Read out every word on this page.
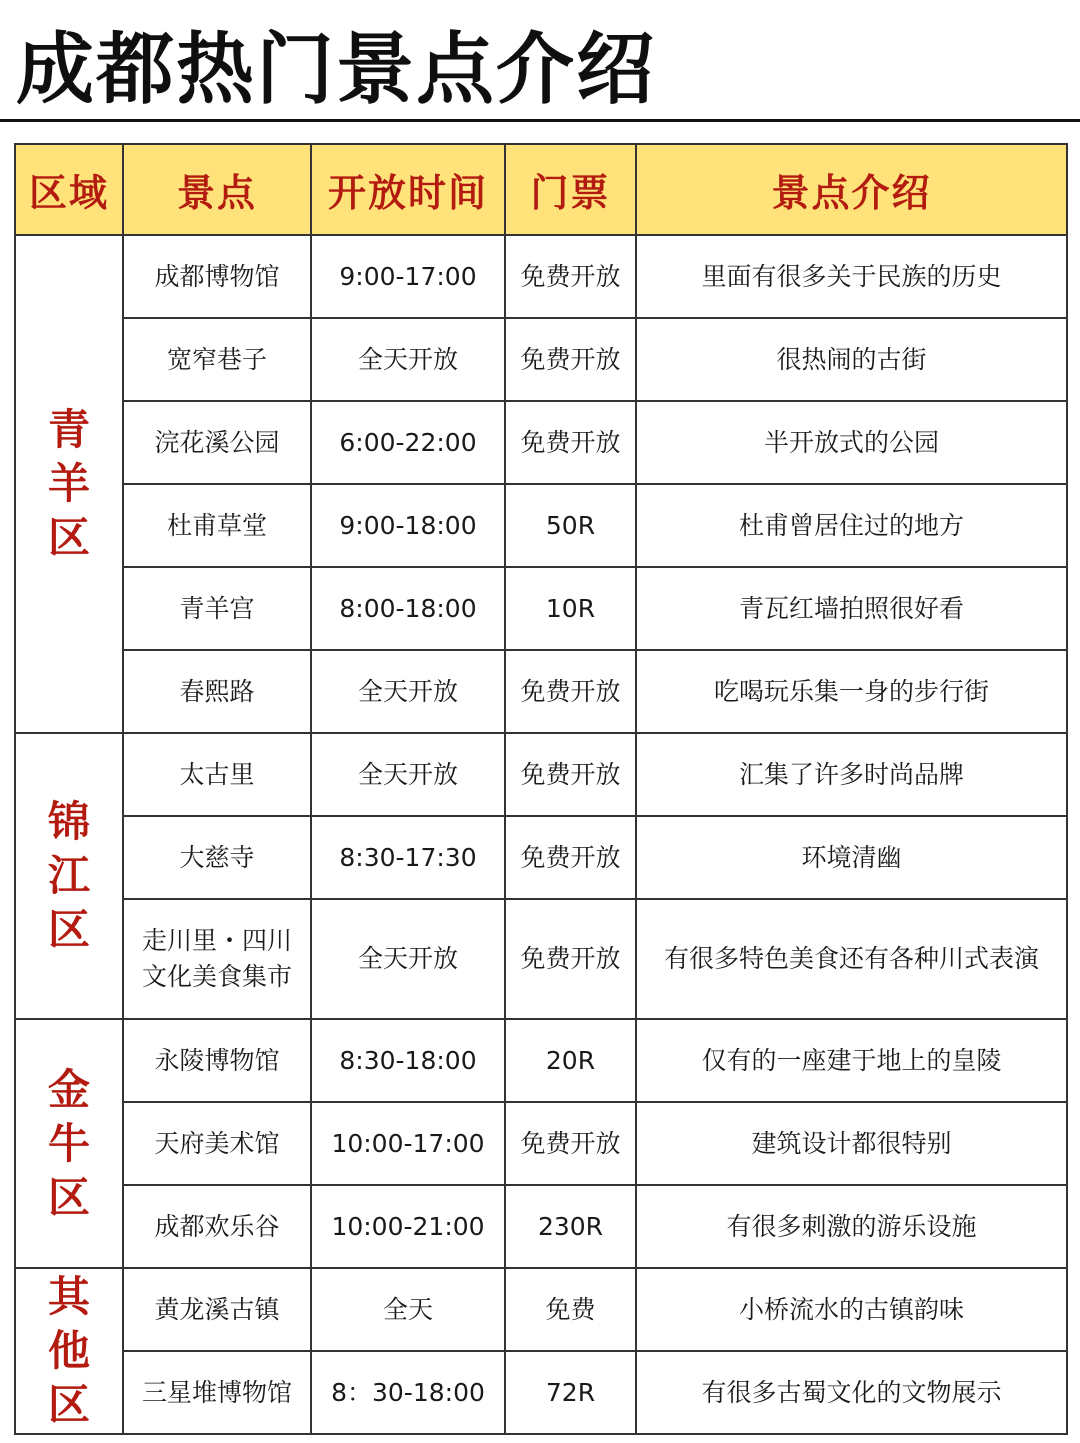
成都热门景点介绍
区域	景点	开放时间	门票	景点介绍
青羊区	成都博物馆	9:00-17:00	免费开放	里面有很多关于民族的历史
	宽窄巷子	全天开放	免费开放	很热闹的古街
	浣花溪公园	6:00-22:00	免费开放	半开放式的公园
	杜甫草堂	9:00-18:00	50R	杜甫曾居住过的地方
	青羊宫	8:00-18:00	10R	青瓦红墙拍照很好看
	春熙路	全天开放	免费开放	吃喝玩乐集一身的步行街
锦江区	太古里	全天开放	免费开放	汇集了许多时尚品牌
	大慈寺	8:30-17:30	免费开放	环境清幽
	走川里・四川文化美食集市	全天开放	免费开放	有很多特色美食还有各种川式表演
金牛区	永陵博物馆	8:30-18:00	20R	仅有的一座建于地上的皇陵
	天府美术馆	10:00-17:00	免费开放	建筑设计都很特别
	成都欢乐谷	10:00-21:00	230R	有很多刺激的游乐设施
其他区	黄龙溪古镇	全天	免费	小桥流水的古镇韵味
	三星堆博物馆	8：30-18:00	72R	有很多古蜀文化的文物展示
